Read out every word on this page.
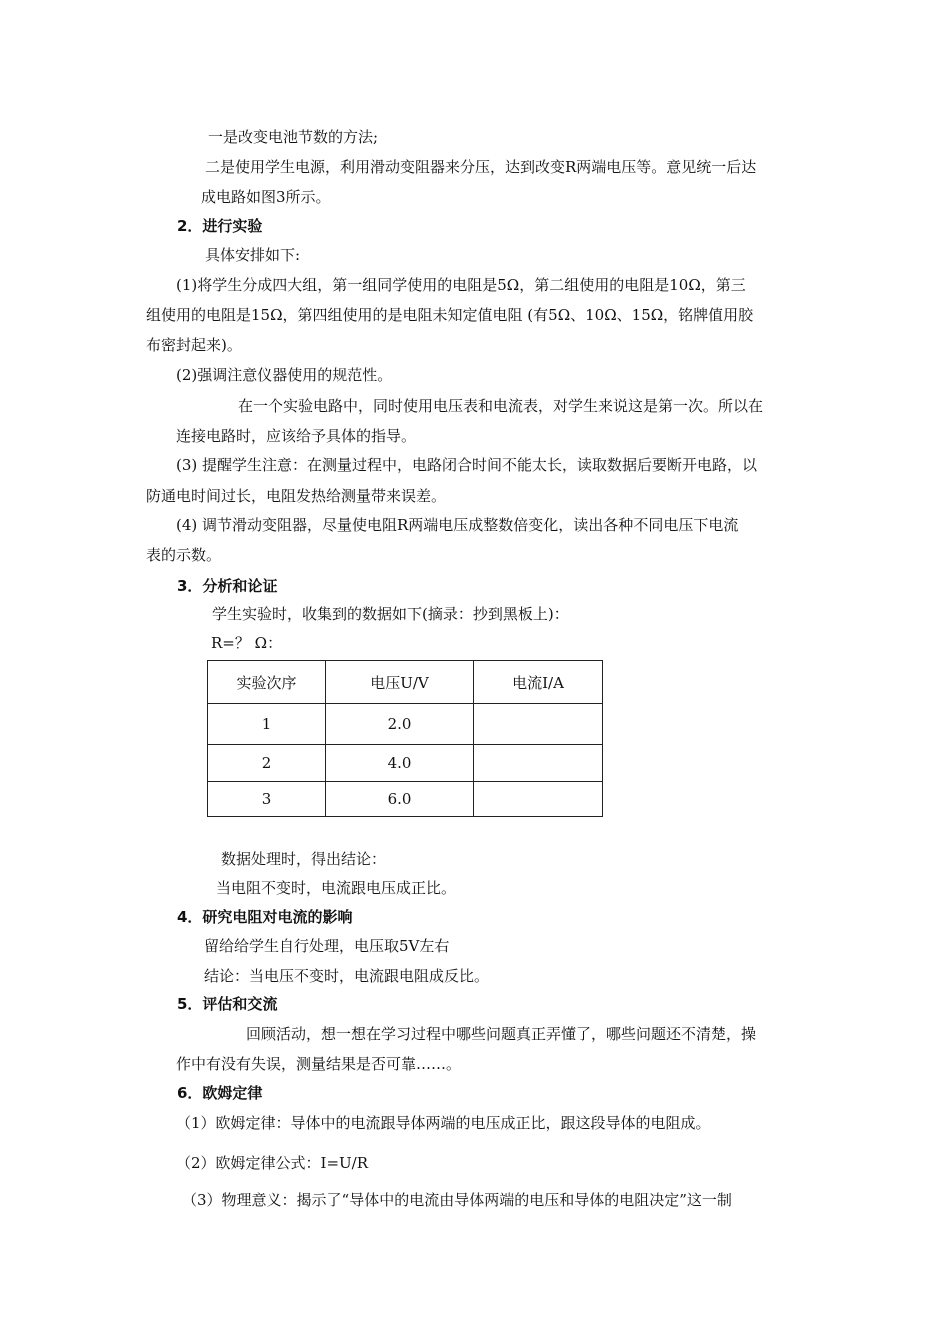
一是改变电池节数的方法;
二是使用学生电源，利用滑动变阻器来分压，达到改变R两端电压等。意见统一后达
成电路如图3所示。
2．进行实验
具体安排如下:
(1)将学生分成四大组，第一组同学使用的电阻是5Ω，第二组使用的电阻是10Ω，第三
组使用的电阻是15Ω，第四组使用的是电阻未知定值电阻 (有5Ω、10Ω、15Ω，铭牌值用胶
布密封起来)。
(2)强调注意仪器使用的规范性。
在一个实验电路中，同时使用电压表和电流表，对学生来说这是第一次。所以在
连接电路时，应该给予具体的指导。
(3) 提醒学生注意：在测量过程中，电路闭合时间不能太长，读取数据后要断开电路，以
防通电时间过长，电阻发热给测量带来误差。
(4) 调节滑动变阻器，尽量使电阻R两端电压成整数倍变化，读出各种不同电压下电流
表的示数。
3．分析和论证
学生实验时，收集到的数据如下(摘录：抄到黑板上)：
R=？ Ω：
实验次序	电压U/V	电流I/A
1	2.0	
2	4.0	
3	6.0	
数据处理时，得出结论：
当电阻不变时，电流跟电压成正比。
4．研究电阻对电流的影响
留给给学生自行处理，电压取5V左右
结论：当电压不变时，电流跟电阻成反比。
5．评估和交流
回顾活动，想一想在学习过程中哪些问题真正弄懂了，哪些问题还不清楚，操
作中有没有失误，测量结果是否可靠……。
6．欧姆定律
（1）欧姆定律：导体中的电流跟导体两端的电压成正比，跟这段导体的电阻成。
（2）欧姆定律公式：I=U/R
（3）物理意义：揭示了“导体中的电流由导体两端的电压和导体的电阻决定”这一制
